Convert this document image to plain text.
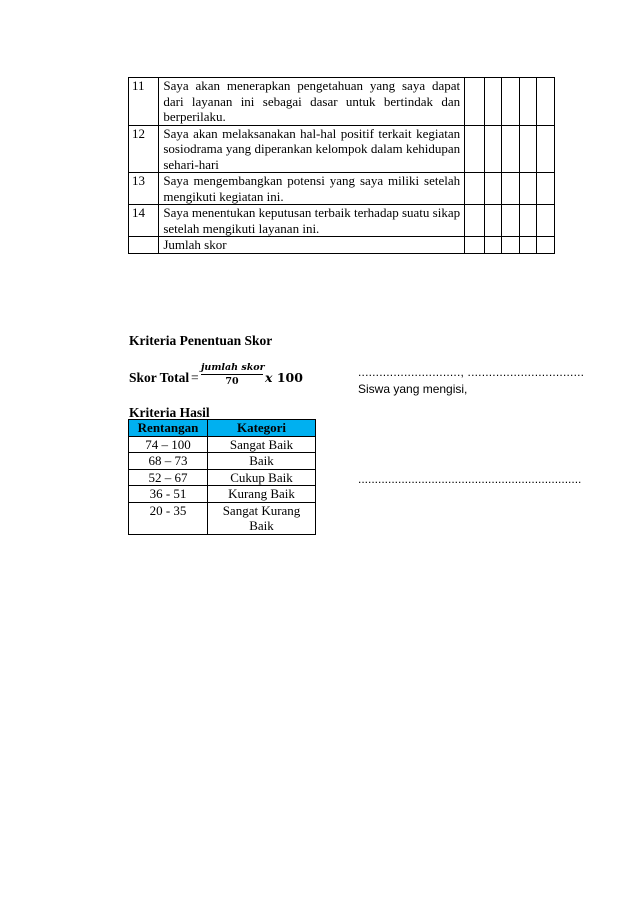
11	Saya akan menerapkan pengetahuan yang saya dapat dari layanan ini sebagai dasar untuk bertindak dan berperilaku.					
12	Saya akan melaksanakan hal-hal positif terkait kegiatan sosiodrama yang diperankan kelompok dalam kehidupan sehari-hari					
13	Saya mengembangkan potensi yang saya miliki setelah mengikuti kegiatan ini.					
14	Saya menentukan keputusan terbaik terhadap suatu sikap setelah mengikuti layanan ini.					
	Jumlah skor					
Kriteria Penentuan Skor
Skor Total =
jumlah skor
70	x 100
Kriteria Hasil
Rentangan	Kategori
74 – 100	Sangat Baik
68 – 73	Baik
52 – 67	Cukup Baik
36 - 51	Kurang Baik
20 - 35	Sangat Kurang Baik
............................., .................................
Siswa yang mengisi,
...................................................................
